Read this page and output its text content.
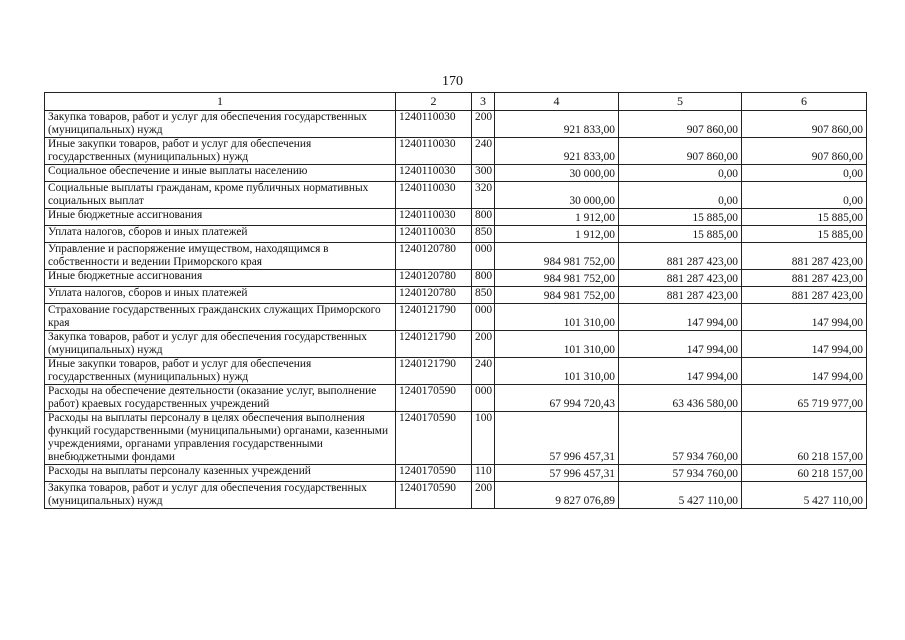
170
1	2	3	4	5	6
Закупка товаров, работ и услуг для обеспечения государственных (муниципальных) нужд	1240110030	200	921 833,00	907 860,00	907 860,00
Иные закупки товаров, работ и услуг для обеспечения государственных (муниципальных) нужд	1240110030	240	921 833,00	907 860,00	907 860,00
Социальное обеспечение и иные выплаты населению	1240110030	300	30 000,00	0,00	0,00
Социальные выплаты гражданам, кроме публичных нормативных социальных выплат	1240110030	320	30 000,00	0,00	0,00
Иные бюджетные ассигнования	1240110030	800	1 912,00	15 885,00	15 885,00
Уплата налогов, сборов и иных платежей	1240110030	850	1 912,00	15 885,00	15 885,00
Управление и распоряжение имуществом, находящимся в собственности и ведении Приморского края	1240120780	000	984 981 752,00	881 287 423,00	881 287 423,00
Иные бюджетные ассигнования	1240120780	800	984 981 752,00	881 287 423,00	881 287 423,00
Уплата налогов, сборов и иных платежей	1240120780	850	984 981 752,00	881 287 423,00	881 287 423,00
Страхование государственных гражданских служащих Приморского края	1240121790	000	101 310,00	147 994,00	147 994,00
Закупка товаров, работ и услуг для обеспечения государственных (муниципальных) нужд	1240121790	200	101 310,00	147 994,00	147 994,00
Иные закупки товаров, работ и услуг для обеспечения государственных (муниципальных) нужд	1240121790	240	101 310,00	147 994,00	147 994,00
Расходы на обеспечение деятельности (оказание услуг, выполнение работ) краевых государственных учреждений	1240170590	000	67 994 720,43	63 436 580,00	65 719 977,00
Расходы на выплаты персоналу в целях обеспечения выполнения функций государственными (муниципальными) органами, казенными учреждениями, органами управления государственными внебюджетными фондами	1240170590	100	57 996 457,31	57 934 760,00	60 218 157,00
Расходы на выплаты персоналу казенных учреждений	1240170590	110	57 996 457,31	57 934 760,00	60 218 157,00
Закупка товаров, работ и услуг для обеспечения государственных (муниципальных) нужд	1240170590	200	9 827 076,89	5 427 110,00	5 427 110,00
